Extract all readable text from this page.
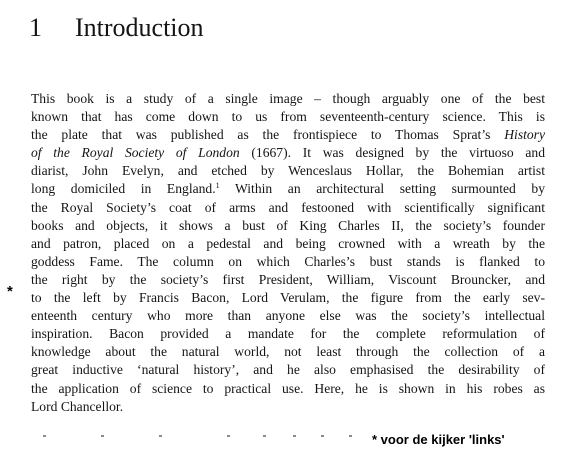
1 Introduction
This book is a study of a single image – though arguably one of the best
known that has come down to us from seventeenth-century science. This is
the plate that was published as the frontispiece to Thomas Sprat’s History
of the Royal Society of London (1667). It was designed by the virtuoso and
diarist, John Evelyn, and etched by Wenceslaus Hollar, the Bohemian artist
long domiciled in England.$^1$ Within an architectural setting surmounted by
the Royal Society’s coat of arms and festooned with scientifically significant
books and objects, it shows a bust of King Charles II, the society’s founder
and patron, placed on a pedestal and being crowned with a wreath by the
goddess Fame. The column on which Charles’s bust stands is flanked to
the right by the society’s first President, William, Viscount Brouncker, and
to the left by Francis Bacon, Lord Verulam, the figure from the early sev-
enteenth century who more than anyone else was the society’s intellectual
inspiration. Bacon provided a mandate for the complete reformulation of
knowledge about the natural world, not least through the collection of a
great inductive ‘natural history’, and he also emphasised the desirability of
the application of science to practical use. Here, he is shown in his robes as
Lord Chancellor.
*
* voor de kijker 'links'
